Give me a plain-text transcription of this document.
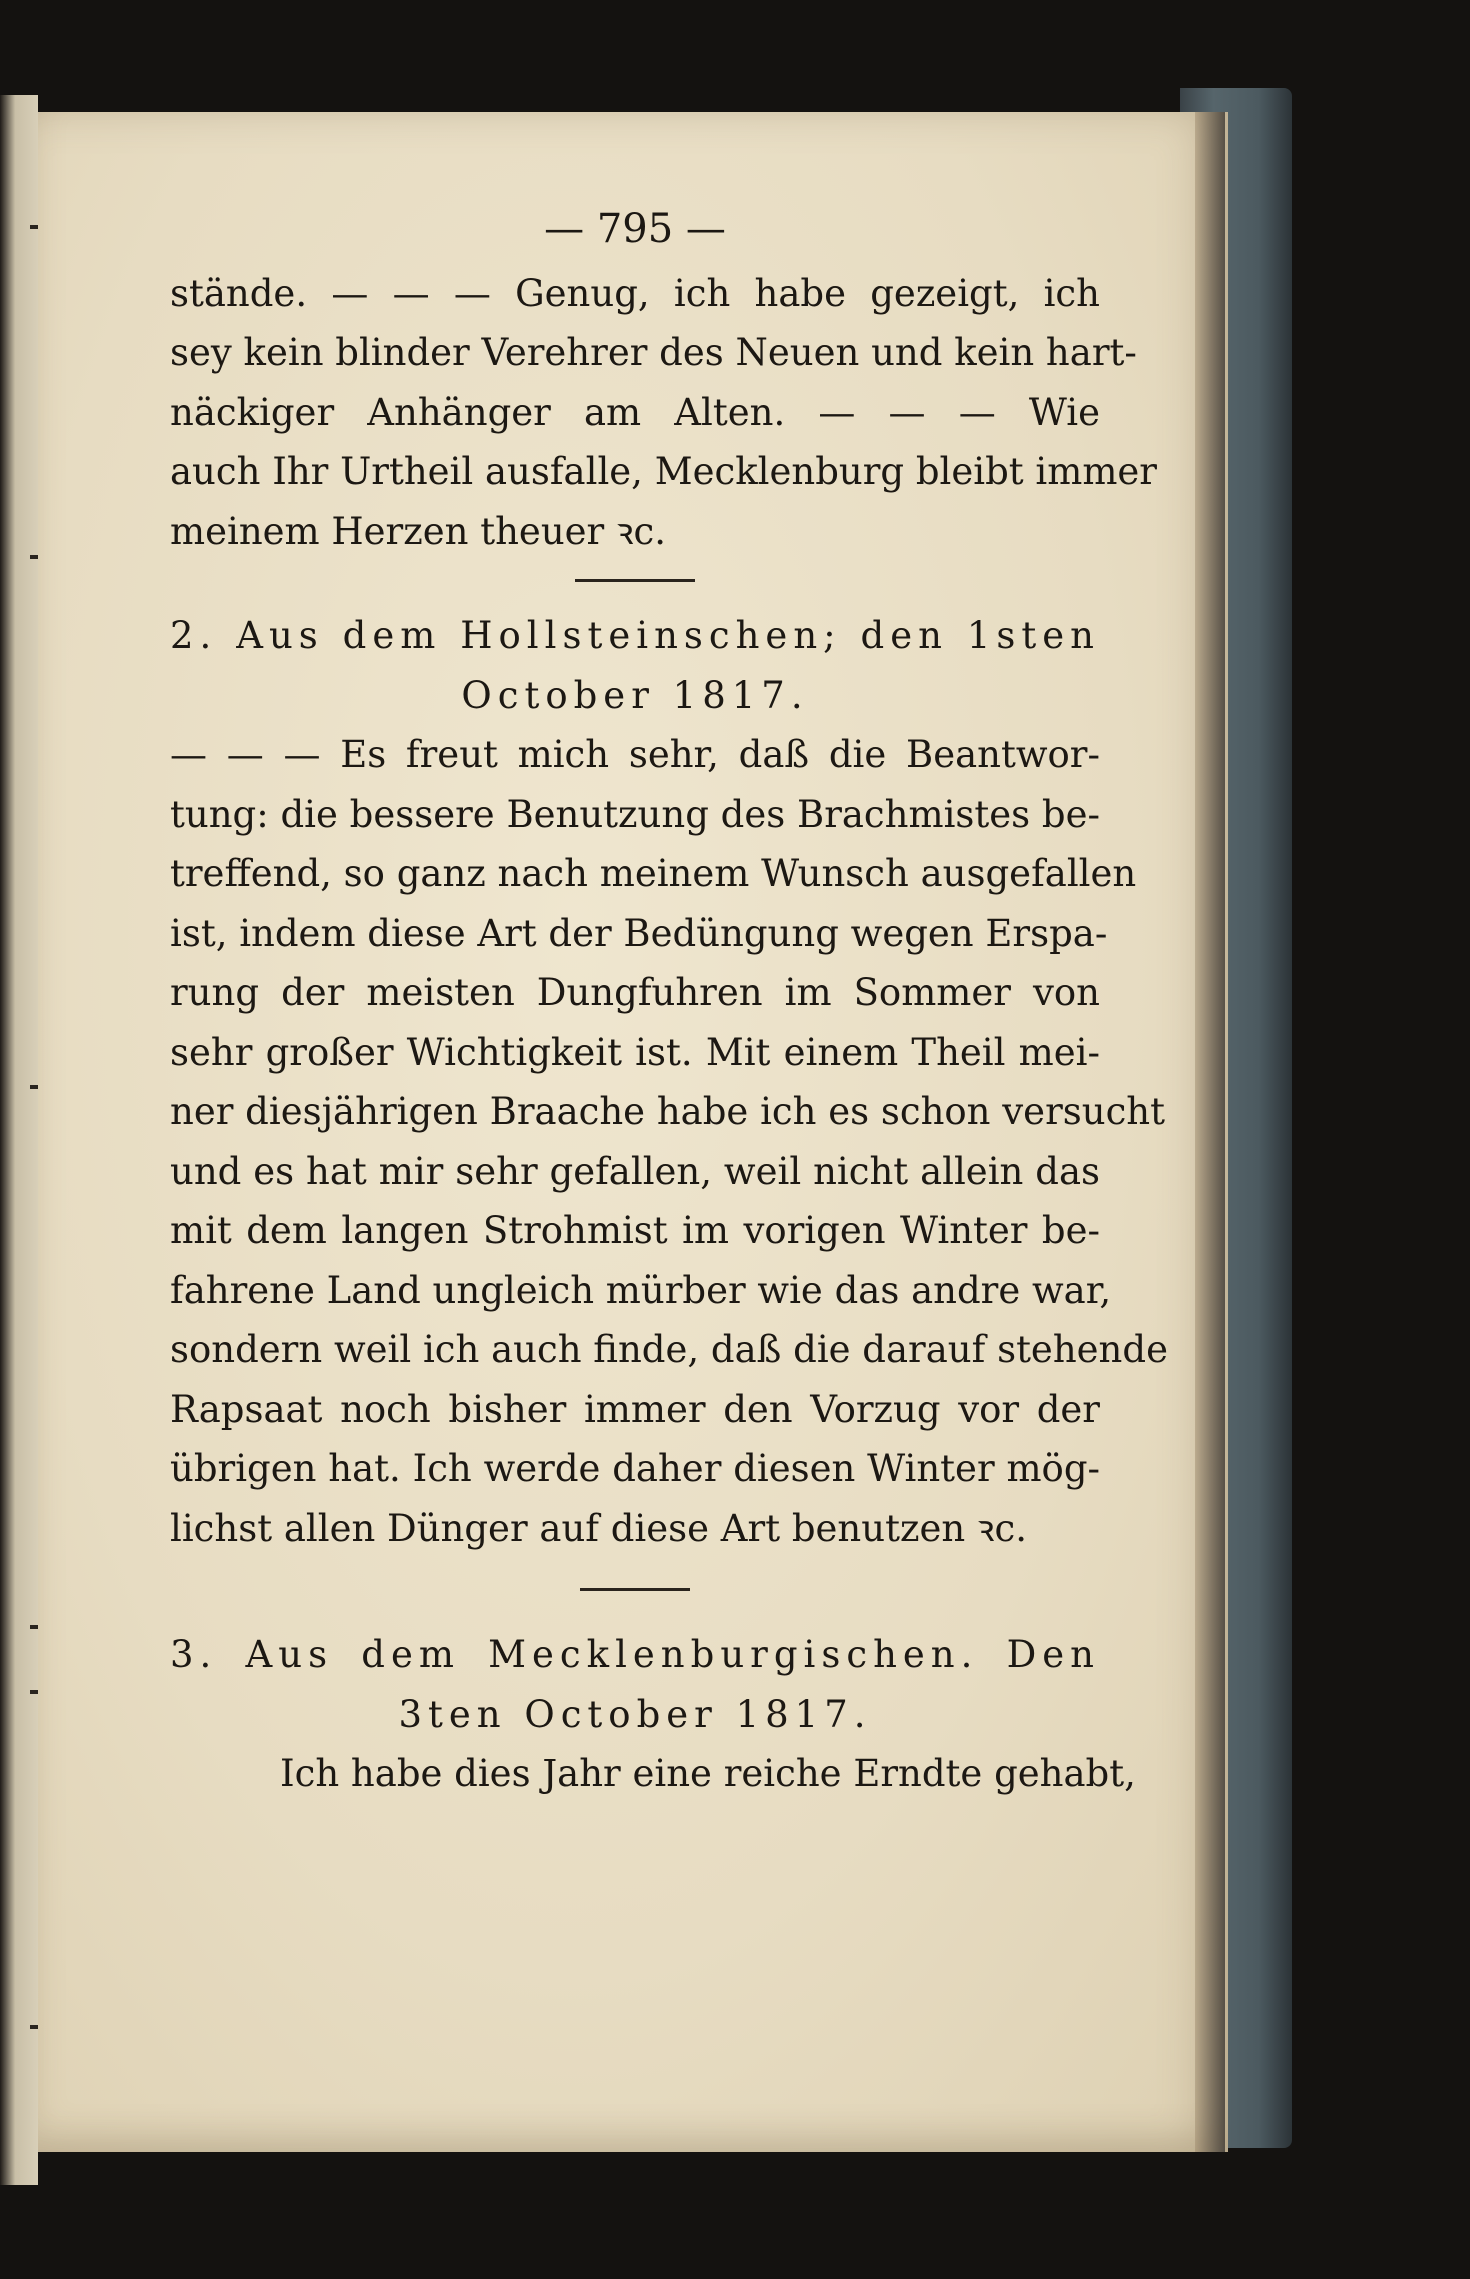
— 795 —
stände. — — — Genug, ich habe gezeigt, ich
sey kein blinder Verehrer des Neuen und kein hart-
näckiger Anhänger am Alten. — — — Wie
auch Ihr Urtheil ausfalle, Mecklenburg bleibt immer
meinem Herzen theuer ꝛc.
2. Aus dem Hollsteinschen; den 1sten
October 1817.
— — — Es freut mich sehr, daß die Beantwor-
tung: die bessere Benutzung des Brachmistes be-
treffend, so ganz nach meinem Wunsch ausgefallen
ist, indem diese Art der Bedüngung wegen Erspa-
rung der meisten Dungfuhren im Sommer von
sehr großer Wichtigkeit ist. Mit einem Theil mei-
ner diesjährigen Braache habe ich es schon versucht
und es hat mir sehr gefallen, weil nicht allein das
mit dem langen Strohmist im vorigen Winter be-
fahrene Land ungleich mürber wie das andre war,
sondern weil ich auch finde, daß die darauf stehende
Rapsaat noch bisher immer den Vorzug vor der
übrigen hat. Ich werde daher diesen Winter mög-
lichst allen Dünger auf diese Art benutzen ꝛc.
3. Aus dem Mecklenburgischen. Den
3ten October 1817.
Ich habe dies Jahr eine reiche Erndte gehabt,
